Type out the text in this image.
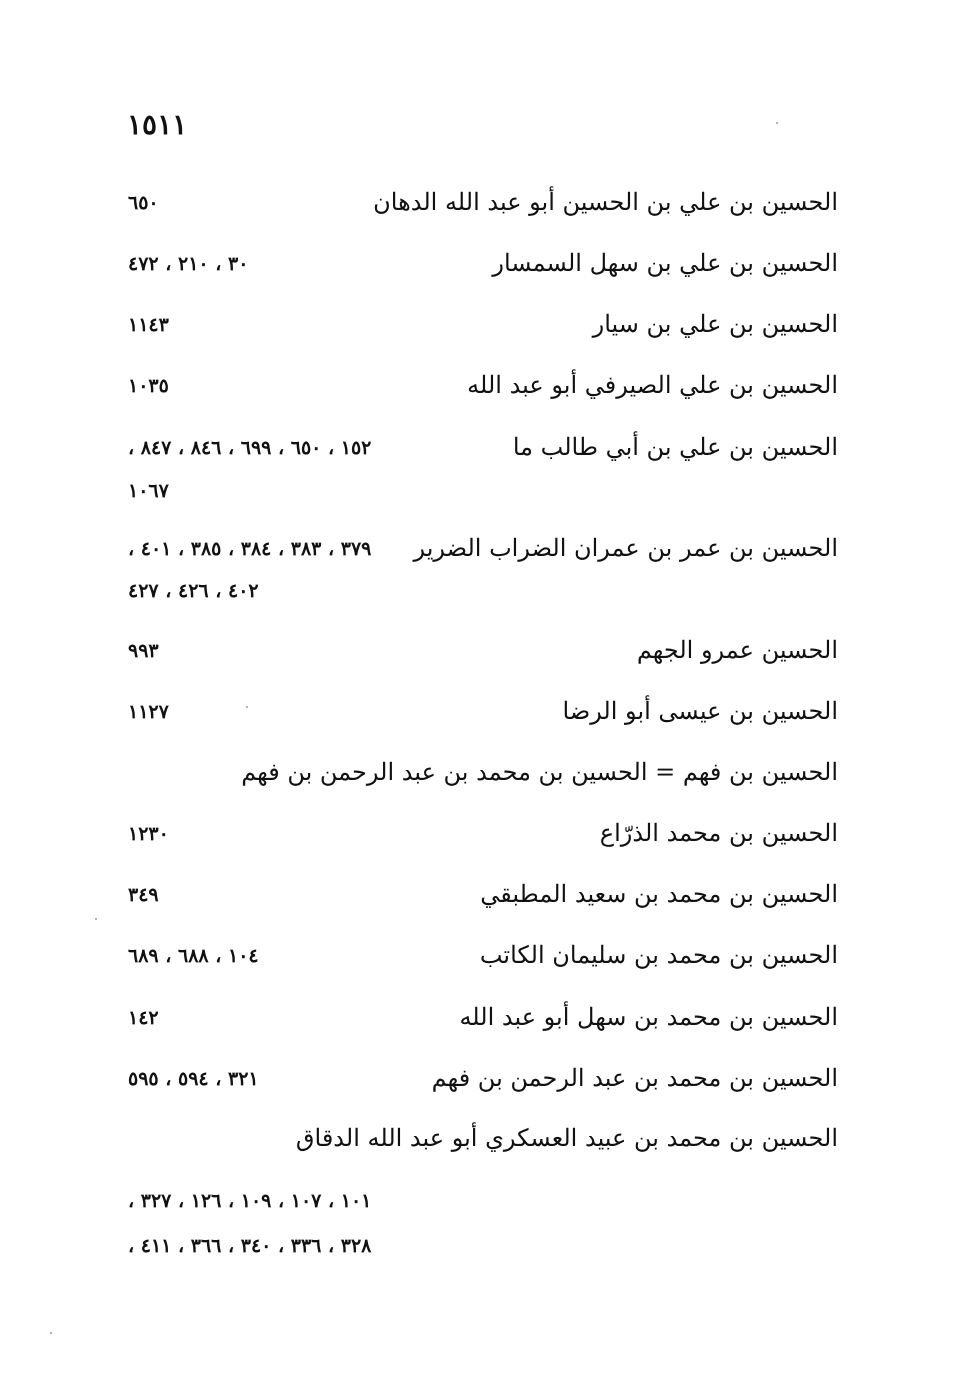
١٥١١
الحسين بن علي بن الحسين أبو عبد الله الدهان
٦٥٠
الحسين بن علي بن سهل السمسار
٣٠ ، ٢١٠ ، ٤٧٢
الحسين بن علي بن سيار
١١٤٣
الحسين بن علي الصيرفي أبو عبد الله
١٠٣٥
الحسين بن علي بن أبي طالب ما
١٥٢ ، ٦٥٠ ، ٦٩٩ ، ٨٤٦ ، ٨٤٧ ،
١٠٦٧
الحسين بن عمر بن عمران الضراب الضرير
٣٧٩ ، ٣٨٣ ، ٣٨٤ ، ٣٨٥ ، ٤٠١ ،
٤٠٢ ، ٤٢٦ ، ٤٢٧
الحسين عمرو الجهم
٩٩٣
الحسين بن عيسى أبو الرضا
١١٢٧
الحسين بن فهم = الحسين بن محمد بن عبد الرحمن بن فهم
الحسين بن محمد الذرّاع
١٢٣٠
الحسين بن محمد بن سعيد المطبقي
٣٤٩
الحسين بن محمد بن سليمان الكاتب
١٠٤ ، ٦٨٨ ، ٦٨٩
الحسين بن محمد بن سهل أبو عبد الله
١٤٢
الحسين بن محمد بن عبد الرحمن بن فهم
٣٢١ ، ٥٩٤ ، ٥٩٥
الحسين بن محمد بن عبيد العسكري أبو عبد الله الدقاق
١٠١ ، ١٠٧ ، ١٠٩ ، ١٢٦ ، ٣٢٧ ،
٣٢٨ ، ٣٣٦ ، ٣٤٠ ، ٣٦٦ ، ٤١١ ،
